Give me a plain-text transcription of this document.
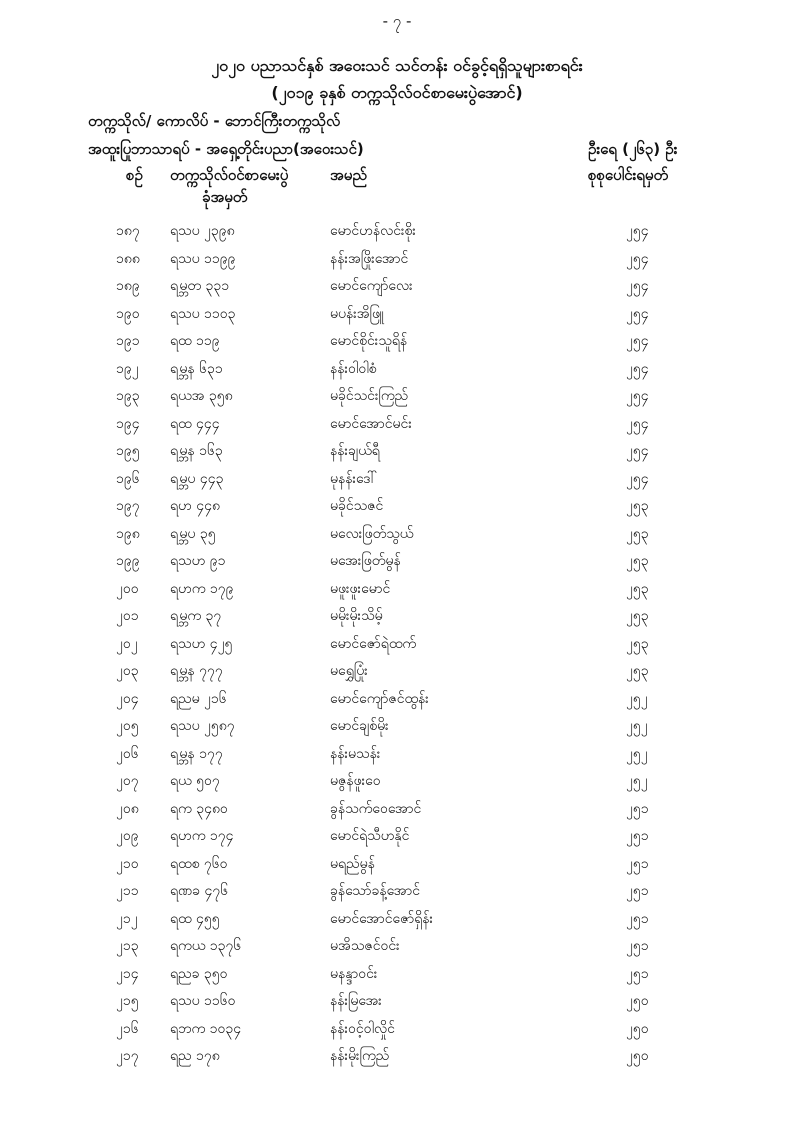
- ၇ -
၂၀၂၀ ပညာသင်နှစ် အဝေးသင် သင်တန်း ဝင်ခွင့်ရရှိသူများစာရင်း
(၂၀၁၉ ခုနှစ် တက္ကသိုလ်ဝင်စာမေးပွဲအောင်)
တက္ကသိုလ်/ ကောလိပ် - ဘောင်ကြီးတက္ကသိုလ်
အထူးပြုဘာသာရပ် - အရှေ့တိုင်းပညာ(အဝေးသင်)	ဦးရေ (၂၆၃) ဦး
စဉ် တက္ကသိုလ်ဝင်စာမေးပွဲ
ခုံအမှတ်
အမည်	စုစုပေါင်းရမှတ်
၁၈၇ ရသပ ၂၃၉၈	မောင်ဟန်လင်းစိုး	၂၅၄
၁၈၈ ရသပ ၁၁၉၉	နန်းအဖြိုးအောင်	၂၅၄
၁၈၉ ရမ္ဘတ ၃၃၁	မောင်ကျော်လေး	၂၅၄
၁၉၀ ရသပ ၁၁၀၃	မပန်းအိဖြူ	၂၅၄
၁၉၁ ရထ ၁၁၉	မောင်စိုင်းသူရိန်	၂၅၄
၁၉၂ ရမ္ဘန ၆၃၁	နန်းဝါဝါစံ	၂၅၄
၁၉၃ ရယအ ၃၅၈	မခိုင်သင်းကြည်	၂၅၄
၁၉၄ ရထ ၄၄၄	မောင်အောင်မင်း	၂၅၄
၁၉၅ ရမ္ဘန ၁၆၃	နန်းချယ်ရီ	၂၅၄
၁၉၆ ရမ္ဘပ ၄၄၃	မုနန်းဒေါ်	၂၅၄
၁၉၇ ရဟ ၄၄၈	မခိုင်သဇင်	၂၅၃
၁၉၈ ရမ္ဘပ ၃၅	မလေးဖြတ်သွယ်	၂၅၃
၁၉၉ ရသဟ ၉၁	မအေးဖြတ်မွန်	၂၅၃
၂၀၀ ရဟက ၁၇၉	မဖူးဖူးမောင်	၂၅၃
၂၀၁ ရမ္ဘက ၃၇	မမိုးမိုးသိမ့်	၂၅၃
၂၀၂ ရသဟ ၄၂၅	မောင်ဇော်ရဲထက်	၂၅၃
၂၀၃ ရမ္ဘန ၇၇၇	မရွှေပြုံး	၂၅၃
၂၀၄ ရညမ ၂၁၆	မောင်ကျော်ဇင်ထွန်း	၂၅၂
၂၀၅ ရသပ ၂၅၈၇	မောင်ချစ်မိုး	၂၅၂
၂၀၆ ရမ္ဘန ၁၇၇	နန်းမသန်း	၂၅၂
၂၀၇ ရယ ၅၀၇	မဇွန်ဖူးဝေ	၂၅၂
၂၀၈ ရက ၃၄၈၀	ခွန်သက်ဝေအောင်	၂၅၁
၂၀၉ ရဟက ၁၇၄	မောင်ရဲသီဟနိုင်	၂၅၁
၂၁၀ ရထစ ၇၆၀	မရည်မွန်	၂၅၁
၂၁၁ ရဏခ ၄၇၆	ခွန်သော်ခန့်အောင်	၂၅၁
၂၁၂ ရထ ၄၅၅	မောင်အောင်ဇော်ရှိန်း	၂၅၁
၂၁၃ ရကယ ၁၃၇၆	မအိသဇင်ဝင်း	၂၅၁
၂၁၄ ရညခ ၃၅၀	မနန္ဒာဝင်း	၂၅၁
၂၁၅ ရသပ ၁၁၆၀	နန်းမြအေး	၂၅၀
၂၁၆ ရဘက ၁၀၃၄	နန်းဝင့်ဝါလှိုင်	၂၅၀
၂၁၇ ရည ၁၇၈	နန်းမိုးကြည်	၂၅၀
